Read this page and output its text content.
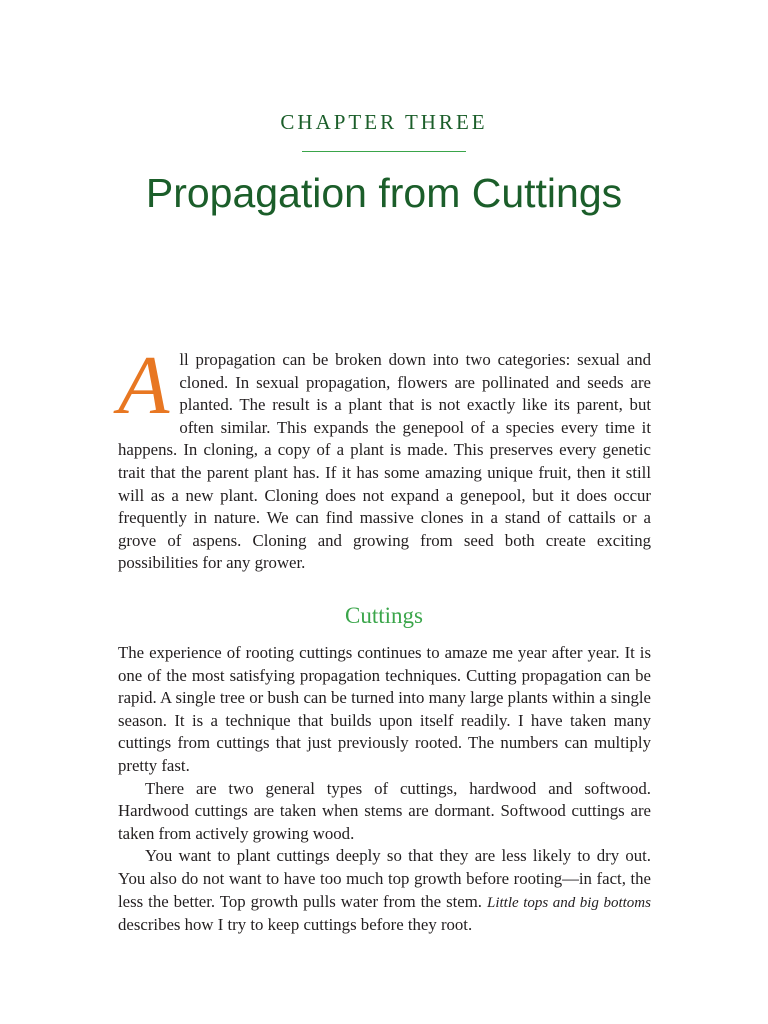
CHAPTER THREE
Propagation from Cuttings

All propagation can be broken down into two categories: sexual and cloned. In sexual propagation, flowers are pollinated and seeds are planted. The result is a plant that is not exactly like its parent, but often similar. This expands the genepool of a species every time it happens. In cloning, a copy of a plant is made. This preserves every genetic trait that the parent plant has. If it has some amazing unique fruit, then it still will as a new plant. Cloning does not expand a genepool, but it does occur frequently in nature. We can find massive clones in a stand of cattails or a grove of aspens. Cloning and growing from seed both create exciting possibilities for any grower.

Cuttings

The experience of rooting cuttings continues to amaze me year after year. It is one of the most satisfying propagation techniques. Cutting propagation can be rapid. A single tree or bush can be turned into many large plants within a single season. It is a technique that builds upon itself readily. I have taken many cuttings from cuttings that just previously rooted. The numbers can multiply pretty fast.

There are two general types of cuttings, hardwood and softwood. Hardwood cuttings are taken when stems are dormant. Softwood cuttings are taken from actively growing wood.

You want to plant cuttings deeply so that they are less likely to dry out. You also do not want to have too much top growth before rooting—in fact, the less the better. Top growth pulls water from the stem. Little tops and big bottoms describes how I try to keep cuttings before they root.
